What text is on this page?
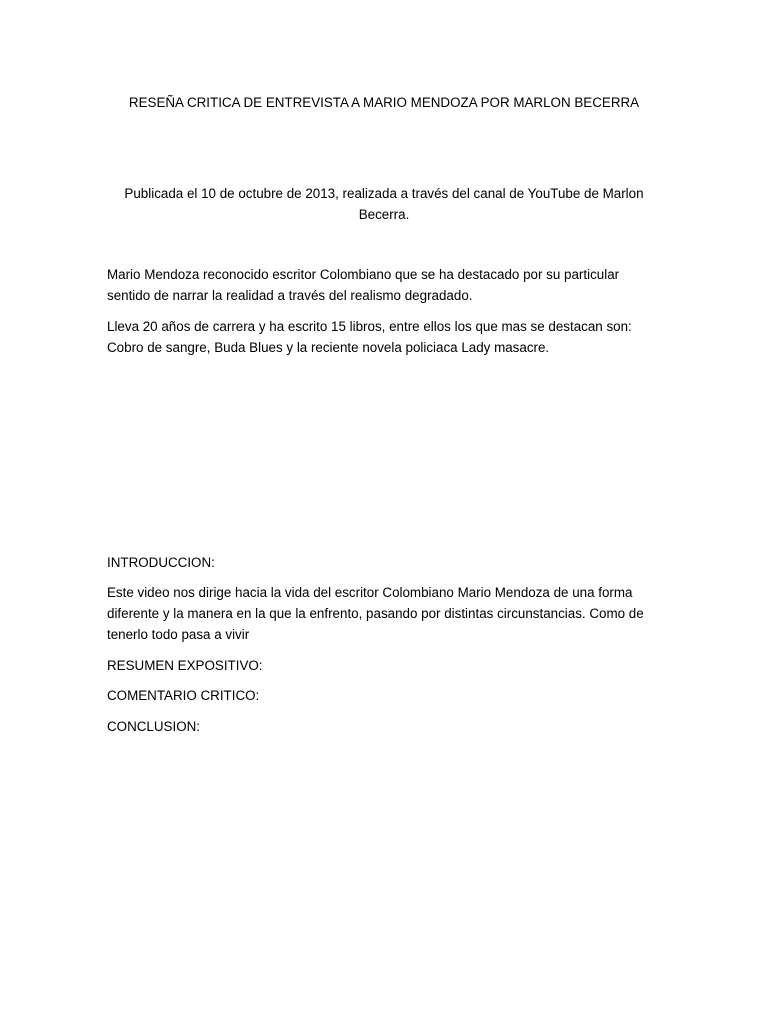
RESEÑA CRITICA DE ENTREVISTA A MARIO MENDOZA POR MARLON BECERRA

Publicada el 10 de octubre de 2013, realizada a través del canal de YouTube de Marlon Becerra.

Mario Mendoza reconocido escritor Colombiano que se ha destacado por su particular sentido de narrar la realidad a través del realismo degradado.

Lleva 20 años de carrera y ha escrito 15 libros, entre ellos los que mas se destacan son: Cobro de sangre, Buda Blues y la reciente novela policiaca Lady masacre.

INTRODUCCION:

Este video nos dirige hacia la vida del escritor Colombiano Mario Mendoza de una forma diferente y la manera en la que la enfrento, pasando por distintas circunstancias. Como de tenerlo todo pasa a vivir

RESUMEN EXPOSITIVO:

COMENTARIO CRITICO:

CONCLUSION:
